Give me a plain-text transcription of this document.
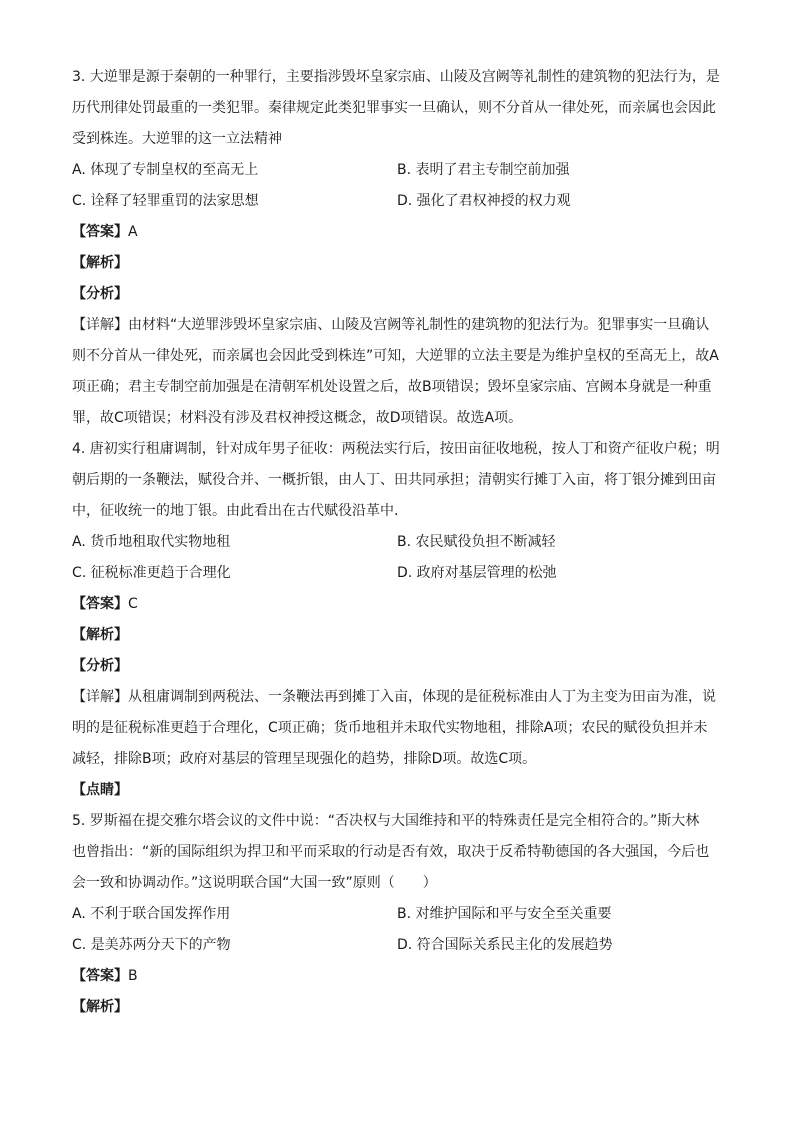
3. 大逆罪是源于秦朝的一种罪行，主要指涉毁坏皇家宗庙、山陵及宫阙等礼制性的建筑物的犯法行为，是

历代刑律处罚最重的一类犯罪。秦律规定此类犯罪事实一旦确认，则不分首从一律处死，而亲属也会因此

受到株连。大逆罪的这一立法精神

A. 体现了专制皇权的至高无上	B. 表明了君主专制空前加强

C. 诠释了轻罪重罚的法家思想	D. 强化了君权神授的权力观

【答案】A

【解析】

【分析】

【详解】由材料“大逆罪涉毁坏皇家宗庙、山陵及宫阙等礼制性的建筑物的犯法行为。犯罪事实一旦确认

则不分首从一律处死，而亲属也会因此受到株连”可知，大逆罪的立法主要是为维护皇权的至高无上，故A

项正确；君主专制空前加强是在清朝军机处设置之后，故B项错误；毁坏皇家宗庙、宫阙本身就是一种重

罪，故C项错误；材料没有涉及君权神授这概念，故D项错误。故选A项。

4. 唐初实行租庸调制，针对成年男子征收：两税法实行后，按田亩征收地税，按人丁和资产征收户税；明

朝后期的一条鞭法，赋役合并、一概折银，由人丁、田共同承担；清朝实行摊丁入亩，将丁银分摊到田亩

中，征收统一的地丁银。由此看出在古代赋役沿革中.

A. 货币地租取代实物地租	B. 农民赋役负担不断减轻

C. 征税标准更趋于合理化	D. 政府对基层管理的松弛

【答案】C

【解析】

【分析】

【详解】从租庸调制到两税法、一条鞭法再到摊丁入亩，体现的是征税标准由人丁为主变为田亩为准，说

明的是征税标准更趋于合理化，C项正确；货币地租并未取代实物地租，排除A项；农民的赋役负担并未

减轻，排除B项；政府对基层的管理呈现强化的趋势，排除D项。故选C项。

【点睛】

5. 罗斯福在提交雅尔塔会议的文件中说：“否决权与大国维持和平的特殊责任是完全相符合的。”斯大林

也曾指出：“新的国际组织为捍卫和平而采取的行动是否有效，取决于反希特勒德国的各大强国，今后也

会一致和协调动作。”这说明联合国“大国一致”原则（　　）

A. 不利于联合国发挥作用	B. 对维护国际和平与安全至关重要

C. 是美苏两分天下的产物	D. 符合国际关系民主化的发展趋势

【答案】B

【解析】
